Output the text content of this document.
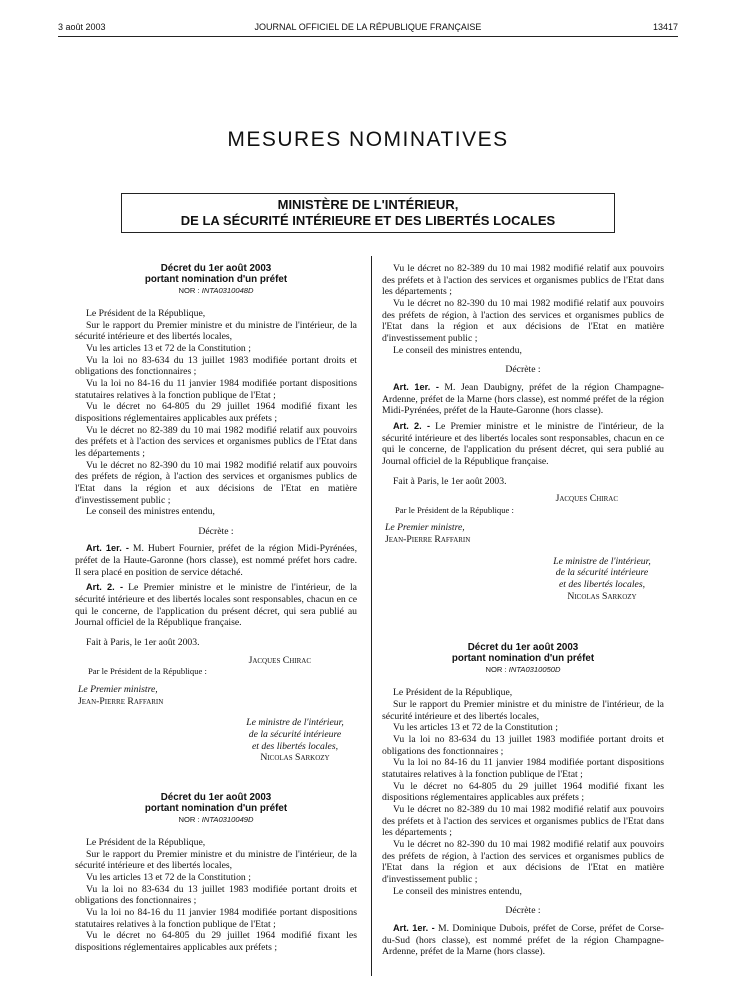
3 août 2003	JOURNAL OFFICIEL DE LA RÉPUBLIQUE FRANÇAISE	13417
MESURES NOMINATIVES
MINISTÈRE DE L'INTÉRIEUR,
DE LA SÉCURITÉ INTÉRIEURE ET DES LIBERTÉS LOCALES
Décret du 1er août 2003
portant nomination d'un préfet
NOR : INTA0310048D

Le Président de la République,

Sur le rapport du Premier ministre et du ministre de l'intérieur, de la sécurité intérieure et des libertés locales,

Vu les articles 13 et 72 de la Constitution ;

Vu la loi no 83-634 du 13 juillet 1983 modifiée portant droits et obligations des fonctionnaires ;

Vu la loi no 84-16 du 11 janvier 1984 modifiée portant dispositions statutaires relatives à la fonction publique de l'Etat ;

Vu le décret no 64-805 du 29 juillet 1964 modifié fixant les dispositions réglementaires applicables aux préfets ;

Vu le décret no 82-389 du 10 mai 1982 modifié relatif aux pouvoirs des préfets et à l'action des services et organismes publics de l'Etat dans les départements ;

Vu le décret no 82-390 du 10 mai 1982 modifié relatif aux pouvoirs des préfets de région, à l'action des services et organismes publics de l'Etat dans la région et aux décisions de l'Etat en matière d'investissement public ;

Le conseil des ministres entendu,

Décrète :

Art. 1er. - M. Hubert Fournier, préfet de la région Midi-Pyrénées, préfet de la Haute-Garonne (hors classe), est nommé préfet hors cadre. Il sera placé en position de service détaché.

Art. 2. - Le Premier ministre et le ministre de l'intérieur, de la sécurité intérieure et des libertés locales sont responsables, chacun en ce qui le concerne, de l'application du présent décret, qui sera publié au Journal officiel de la République française.

Fait à Paris, le 1er août 2003.
Jacques Chirac
Par le Président de la République :
Le Premier ministre,
Jean-Pierre Raffarin
Le ministre de l'intérieur,
de la sécurité intérieure
et des libertés locales,
Nicolas Sarkozy
Décret du 1er août 2003
portant nomination d'un préfet
NOR : INTA0310049D

Le Président de la République,

Sur le rapport du Premier ministre et du ministre de l'intérieur, de la sécurité intérieure et des libertés locales,

Vu les articles 13 et 72 de la Constitution ;

Vu la loi no 83-634 du 13 juillet 1983 modifiée portant droits et obligations des fonctionnaires ;

Vu la loi no 84-16 du 11 janvier 1984 modifiée portant dispositions statutaires relatives à la fonction publique de l'Etat ;

Vu le décret no 64-805 du 29 juillet 1964 modifié fixant les dispositions réglementaires applicables aux préfets ;

Vu le décret no 82-389 du 10 mai 1982 modifié relatif aux pouvoirs des préfets et à l'action des services et organismes publics de l'Etat dans les départements ;

Vu le décret no 82-390 du 10 mai 1982 modifié relatif aux pouvoirs des préfets de région, à l'action des services et organismes publics de l'Etat dans la région et aux décisions de l'Etat en matière d'investissement public ;

Le conseil des ministres entendu,

Décrète :

Art. 1er. - M. Jean Daubigny, préfet de la région Champagne-Ardenne, préfet de la Marne (hors classe), est nommé préfet de la région Midi-Pyrénées, préfet de la Haute-Garonne (hors classe).

Art. 2. - Le Premier ministre et le ministre de l'intérieur, de la sécurité intérieure et des libertés locales sont responsables, chacun en ce qui le concerne, de l'application du présent décret, qui sera publié au Journal officiel de la République française.

Fait à Paris, le 1er août 2003.
Jacques Chirac
Par le Président de la République :
Le Premier ministre,
Jean-Pierre Raffarin
Le ministre de l'intérieur,
de la sécurité intérieure
et des libertés locales,
Nicolas Sarkozy
Décret du 1er août 2003
portant nomination d'un préfet
NOR : INTA0310050D

Le Président de la République,

Sur le rapport du Premier ministre et du ministre de l'intérieur, de la sécurité intérieure et des libertés locales,

Vu les articles 13 et 72 de la Constitution ;

Vu la loi no 83-634 du 13 juillet 1983 modifiée portant droits et obligations des fonctionnaires ;

Vu la loi no 84-16 du 11 janvier 1984 modifiée portant dispositions statutaires relatives à la fonction publique de l'Etat ;

Vu le décret no 64-805 du 29 juillet 1964 modifié fixant les dispositions réglementaires applicables aux préfets ;

Vu le décret no 82-389 du 10 mai 1982 modifié relatif aux pouvoirs des préfets et à l'action des services et organismes publics de l'Etat dans les départements ;

Vu le décret no 82-390 du 10 mai 1982 modifié relatif aux pouvoirs des préfets de région, à l'action des services et organismes publics de l'Etat dans la région et aux décisions de l'Etat en matière d'investissement public ;

Le conseil des ministres entendu,

Décrète :

Art. 1er. - M. Dominique Dubois, préfet de Corse, préfet de Corse-du-Sud (hors classe), est nommé préfet de la région Champagne-Ardenne, préfet de la Marne (hors classe).
